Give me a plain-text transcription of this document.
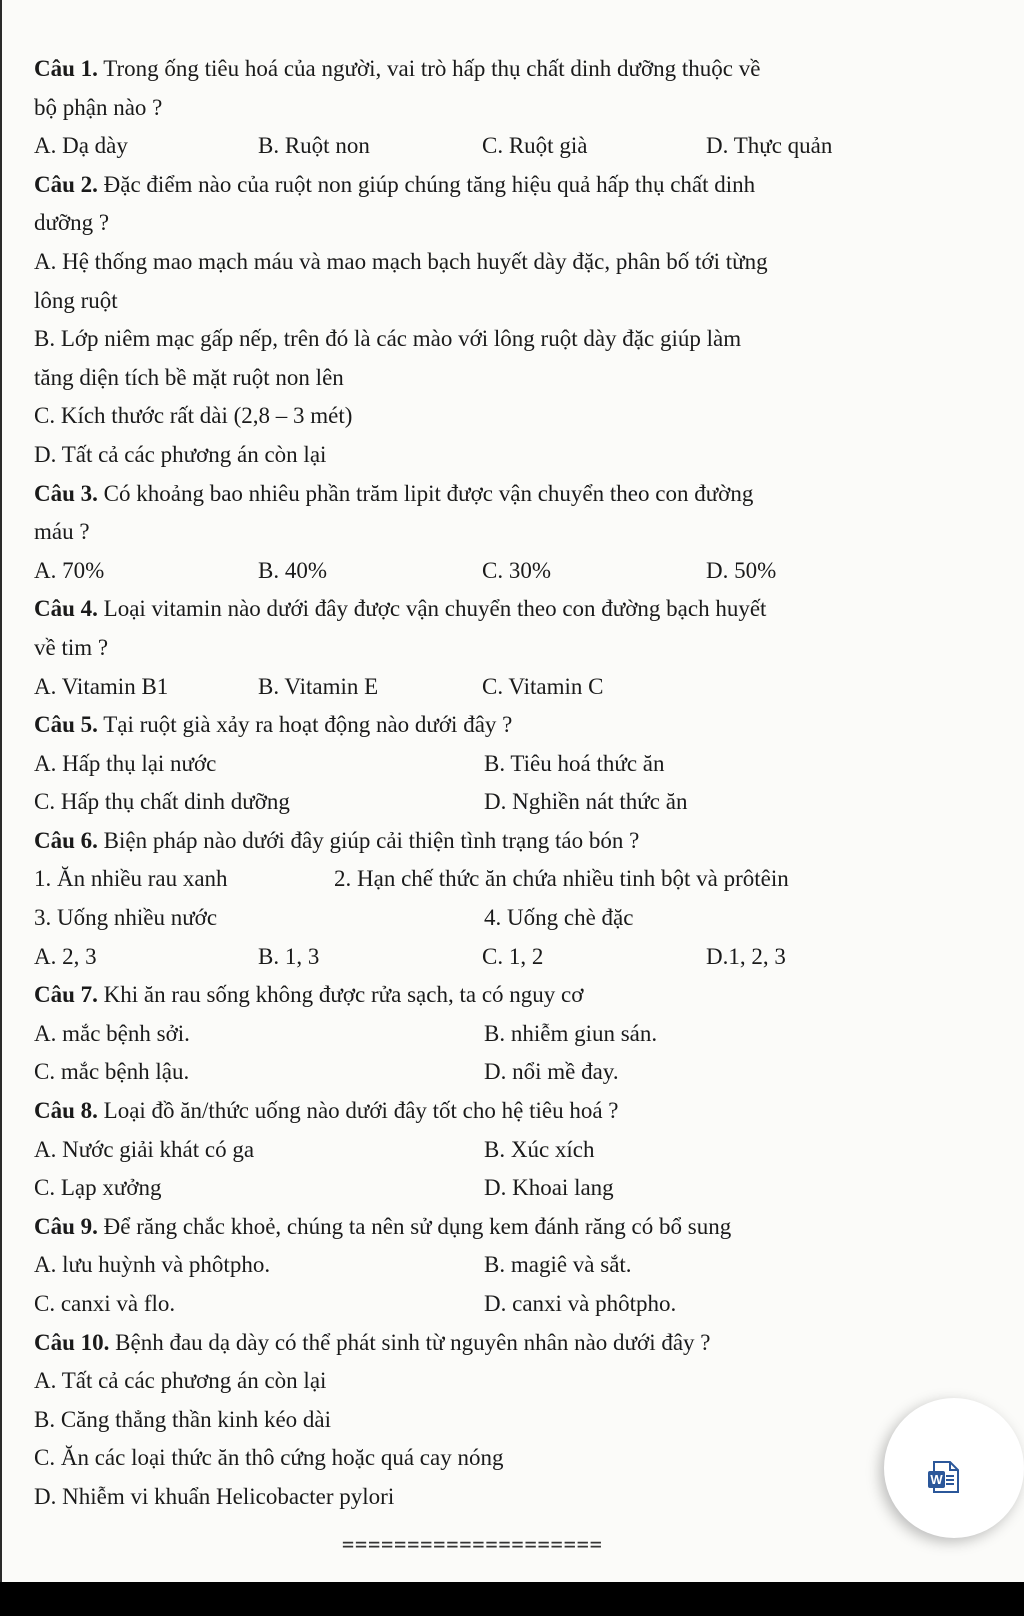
Câu 1. Trong ống tiêu hoá của người, vai trò hấp thụ chất dinh dưỡng thuộc về

bộ phận nào ?

A. Dạ dày	B. Ruột non	C. Ruột già	D. Thực quản

Câu 2. Đặc điểm nào của ruột non giúp chúng tăng hiệu quả hấp thụ chất dinh

dưỡng ?

A. Hệ thống mao mạch máu và mao mạch bạch huyết dày đặc, phân bố tới từng

lông ruột

B. Lớp niêm mạc gấp nếp, trên đó là các mào với lông ruột dày đặc giúp làm

tăng diện tích bề mặt ruột non lên

C. Kích thước rất dài (2,8 – 3 mét)

D. Tất cả các phương án còn lại

Câu 3. Có khoảng bao nhiêu phần trăm lipit được vận chuyển theo con đường

máu ?

A. 70%	B. 40%	C. 30%	D. 50%

Câu 4. Loại vitamin nào dưới đây được vận chuyển theo con đường bạch huyết

về tim ?

A. Vitamin B1	B. Vitamin E	C. Vitamin C

Câu 5. Tại ruột già xảy ra hoạt động nào dưới đây ?

A. Hấp thụ lại nước	B. Tiêu hoá thức ăn
C. Hấp thụ chất dinh dưỡng	D. Nghiền nát thức ăn

Câu 6. Biện pháp nào dưới đây giúp cải thiện tình trạng táo bón ?

1. Ăn nhiều rau xanh	2. Hạn chế thức ăn chứa nhiều tinh bột và prôtêin
3. Uống nhiều nước	4. Uống chè đặc
A. 2, 3	B. 1, 3	C. 1, 2	D.1, 2, 3

Câu 7. Khi ăn rau sống không được rửa sạch, ta có nguy cơ

A. mắc bệnh sởi.	B. nhiễm giun sán.
C. mắc bệnh lậu.	D. nổi mề đay.

Câu 8. Loại đồ ăn/thức uống nào dưới đây tốt cho hệ tiêu hoá ?

A. Nước giải khát có ga	B. Xúc xích
C. Lạp xưởng	D. Khoai lang

Câu 9. Để răng chắc khoẻ, chúng ta nên sử dụng kem đánh răng có bổ sung

A. lưu huỳnh và phôtpho.	B. magiê và sắt.
C. canxi và flo.	D. canxi và phôtpho.

Câu 10. Bệnh đau dạ dày có thể phát sinh từ nguyên nhân nào dưới đây ?

A. Tất cả các phương án còn lại

B. Căng thẳng thần kinh kéo dài

C. Ăn các loại thức ăn thô cứng hoặc quá cay nóng

D. Nhiễm vi khuẩn Helicobacter pylori

====================
W
